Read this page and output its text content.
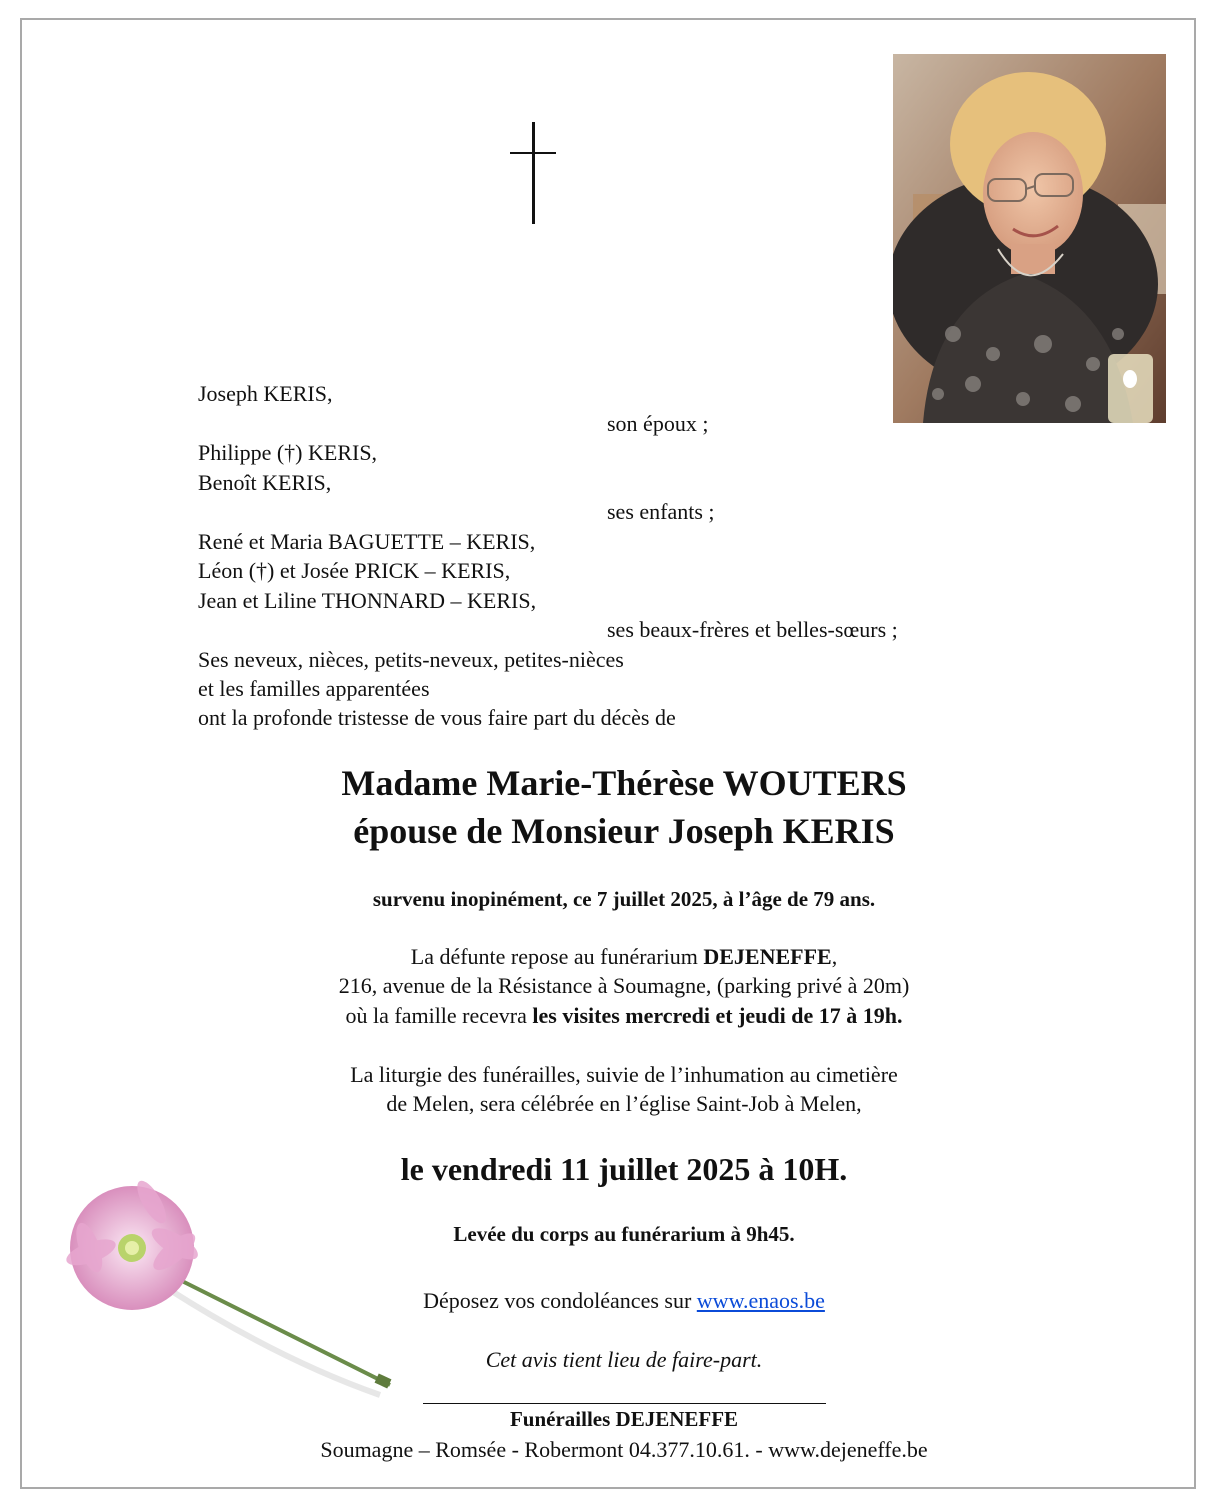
Joseph KERIS,
son époux ;
Philippe (†) KERIS,
Benoît KERIS,
ses enfants ;
René et Maria BAGUETTE – KERIS,
Léon (†) et Josée PRICK – KERIS,
Jean et Liline THONNARD – KERIS,
ses beaux-frères et belles-sœurs ;
Ses neveux, nièces, petits-neveux, petites-nièces
et les familles apparentées
ont la profonde tristesse de vous faire part du décès de
Madame Marie-Thérèse WOUTERS
épouse de Monsieur Joseph KERIS
survenu inopinément, ce 7 juillet 2025, à l’âge de 79 ans.
La défunte repose au funérarium DEJENEFFE,
216, avenue de la Résistance à Soumagne, (parking privé à 20m)
où la famille recevra les visites mercredi et jeudi de 17 à 19h.
La liturgie des funérailles, suivie de l’inhumation au cimetière
de Melen, sera célébrée en l’église Saint-Job à Melen,
le vendredi 11 juillet 2025 à 10H.
Levée du corps au funérarium à 9h45.
Déposez vos condoléances sur www.enaos.be
Cet avis tient lieu de faire-part.
Funérailles DEJENEFFE
Soumagne – Romsée - Robermont 04.377.10.61. - www.dejeneffe.be
